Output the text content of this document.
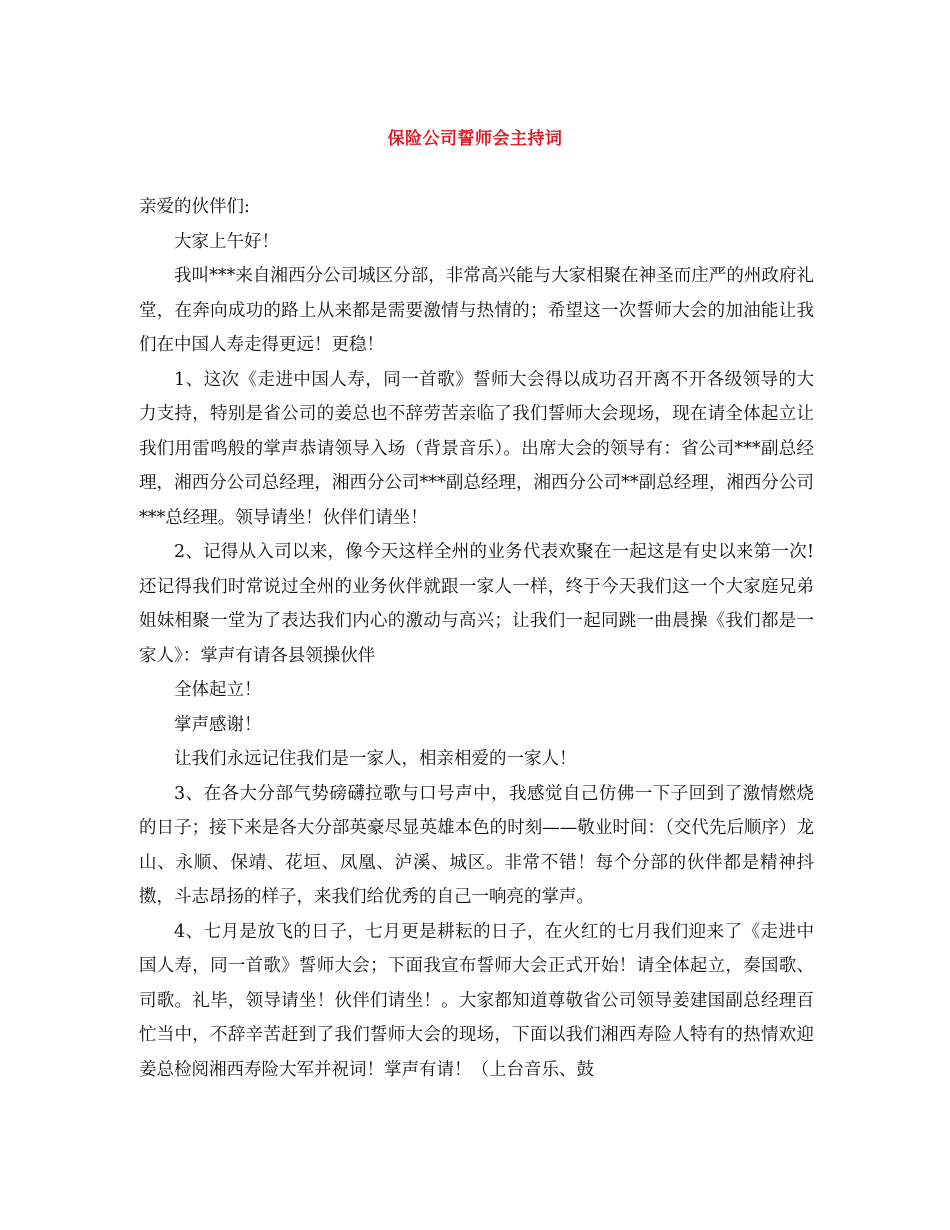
保险公司誓师会主持词

亲爱的伙伴们:

大家上午好！

我叫***来自湘西分公司城区分部，非常高兴能与大家相聚在神圣而庄严的州政府礼堂，在奔向成功的路上从来都是需要激情与热情的；希望这一次誓师大会的加油能让我们在中国人寿走得更远！更稳！

1、这次《走进中国人寿，同一首歌》誓师大会得以成功召开离不开各级领导的大力支持，特别是省公司的姜总也不辞劳苦亲临了我们誓师大会现场，现在请全体起立让我们用雷鸣般的掌声恭请领导入场（背景音乐）。出席大会的领导有：省公司***副总经理，湘西分公司总经理，湘西分公司***副总经理，湘西分公司**副总经理，湘西分公司***总经理。领导请坐！伙伴们请坐！

2、记得从入司以来，像今天这样全州的业务代表欢聚在一起这是有史以来第一次!还记得我们时常说过全州的业务伙伴就跟一家人一样，终于今天我们这一个大家庭兄弟姐妹相聚一堂为了表达我们内心的激动与高兴；让我们一起同跳一曲晨操《我们都是一家人》：掌声有请各县领操伙伴

全体起立！

掌声感谢！

让我们永远记住我们是一家人，相亲相爱的一家人！

3、在各大分部气势磅礴拉歌与口号声中，我感觉自己仿佛一下子回到了激情燃烧的日子；接下来是各大分部英豪尽显英雄本色的时刻——敬业时间：（交代先后顺序）龙山、永顺、保靖、花垣、凤凰、泸溪、城区。非常不错！每个分部的伙伴都是精神抖擞，斗志昂扬的样子，来我们给优秀的自己一响亮的掌声。

4、七月是放飞的日子，七月更是耕耘的日子，在火红的七月我们迎来了《走进中国人寿，同一首歌》誓师大会；下面我宣布誓师大会正式开始！请全体起立，奏国歌、司歌。礼毕，领导请坐！伙伴们请坐！。大家都知道尊敬省公司领导姜建国副总经理百忙当中，不辞辛苦赶到了我们誓师大会的现场，下面以我们湘西寿险人特有的热情欢迎姜总检阅湘西寿险大军并祝词！掌声有请！（上台音乐、鼓
